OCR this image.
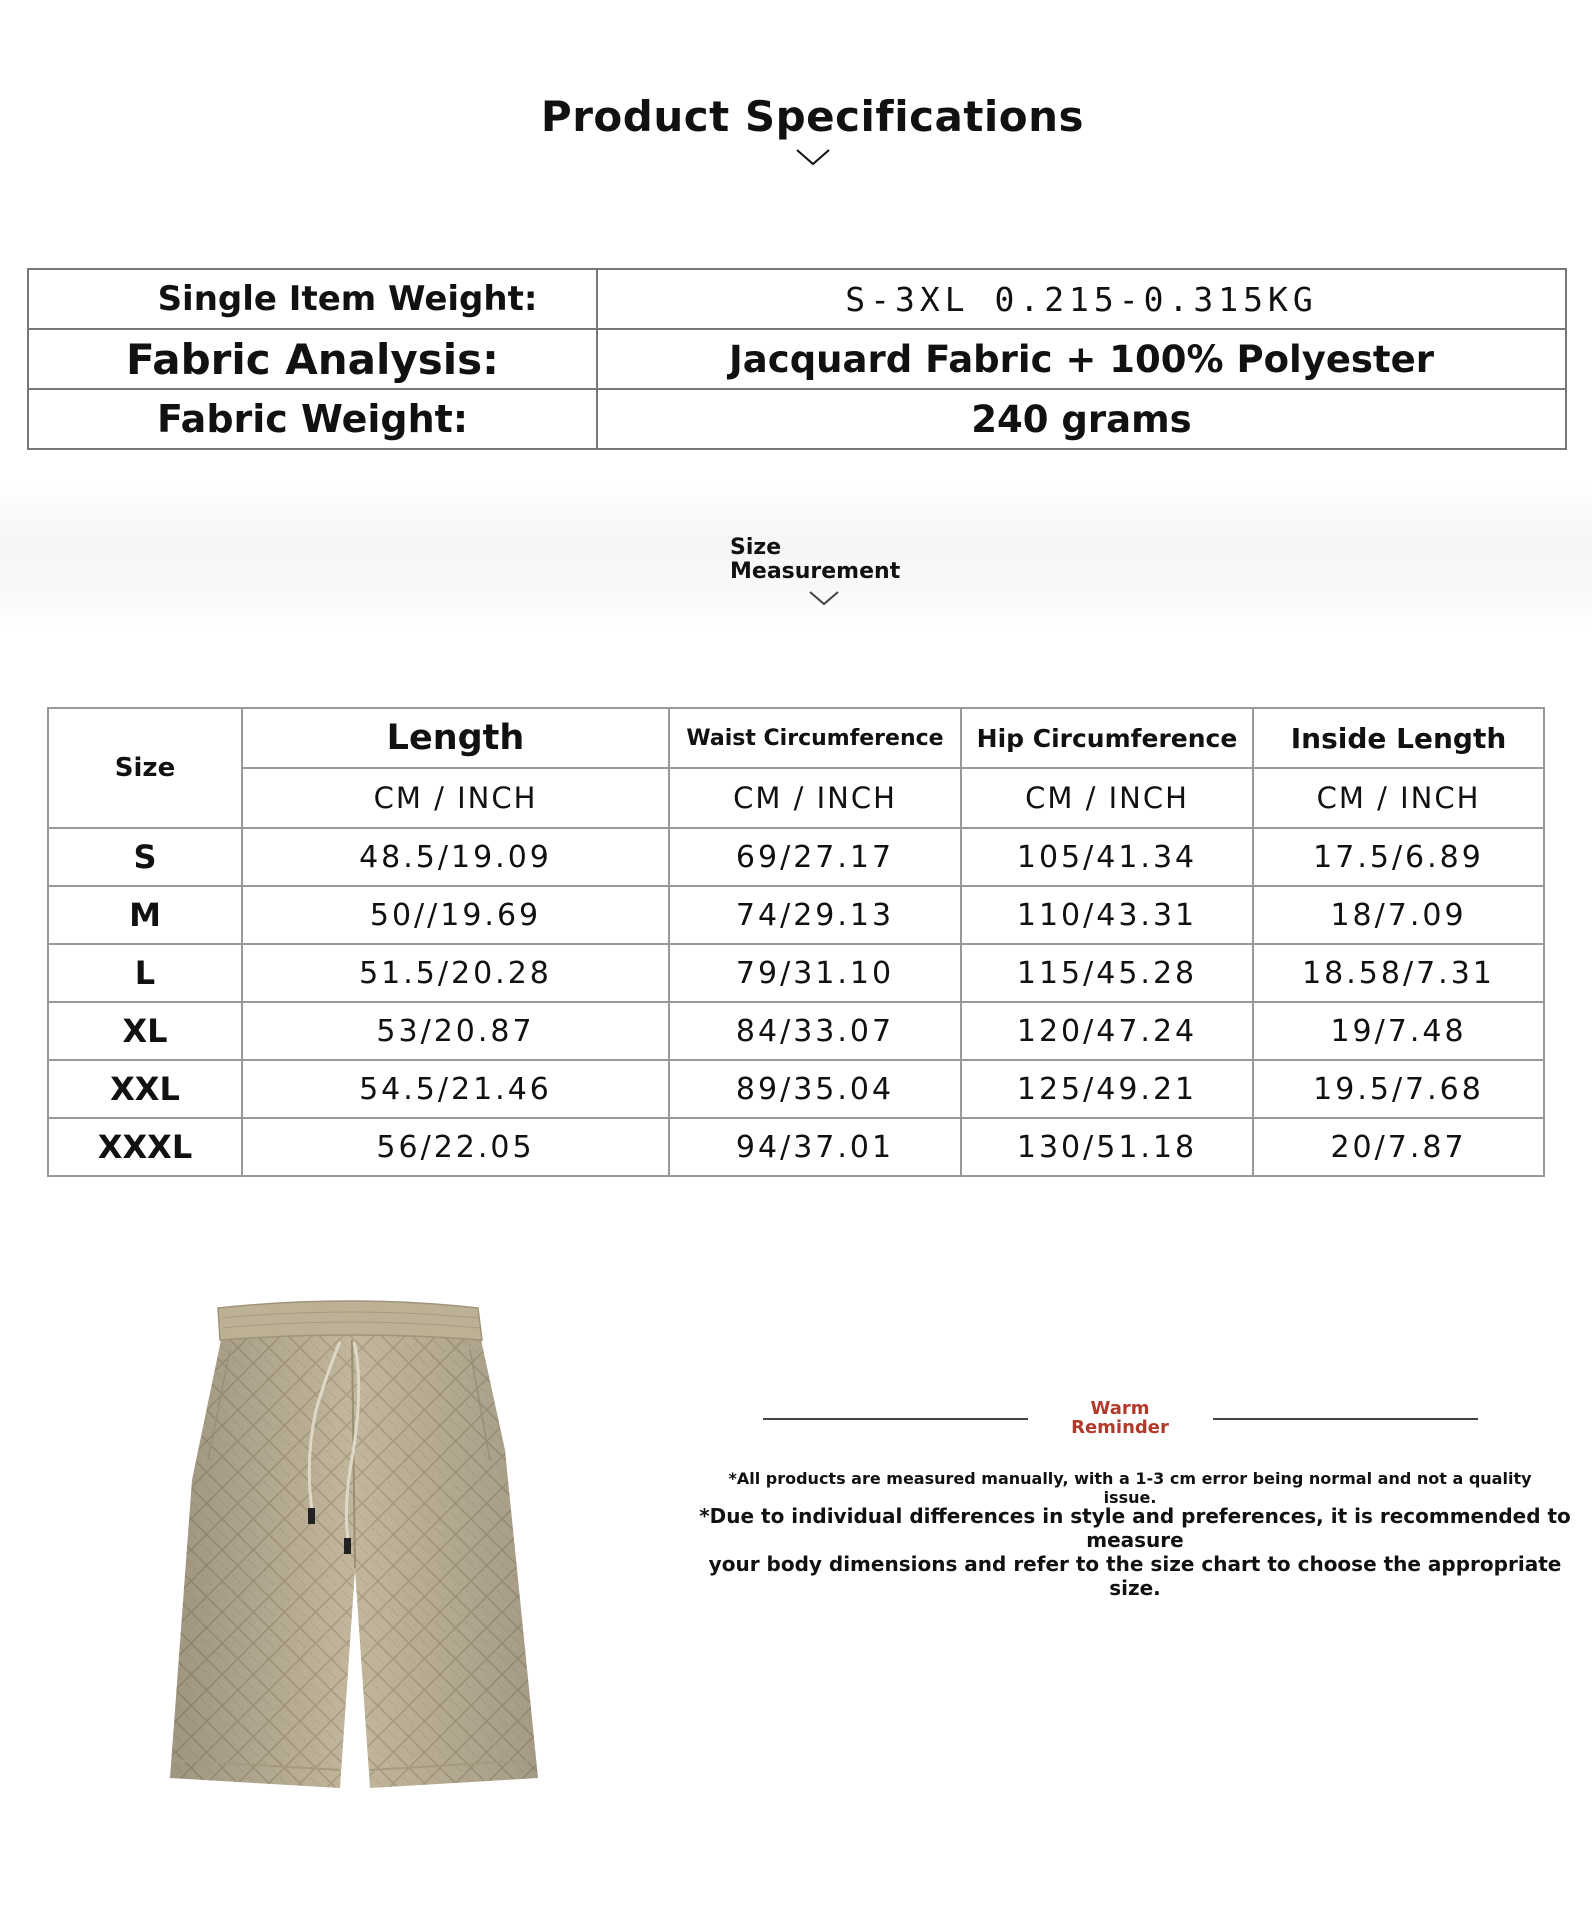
Product Specifications
Single Item Weight:	S-3XL 0.215-0.315KG
Fabric Analysis:	Jacquard Fabric + 100% Polyester
Fabric Weight:	240 grams
Size
Measurement
Size	Length	Waist Circumference	Hip Circumference	Inside Length
	CM / INCH	CM / INCH	CM / INCH	CM / INCH
S	48.5/19.09	69/27.17	105/41.34	17.5/6.89
M	50//19.69	74/29.13	110/43.31	18/7.09
L	51.5/20.28	79/31.10	115/45.28	18.58/7.31
XL	53/20.87	84/33.07	120/47.24	19/7.48
XXL	54.5/21.46	89/35.04	125/49.21	19.5/7.68
XXXL	56/22.05	94/37.01	130/51.18	20/7.87
Warm
Reminder
*All products are measured manually, with a 1-3 cm error being normal and not a quality issue.
*Due to individual differences in style and preferences, it is recommended to measure
your body dimensions and refer to the size chart to choose the appropriate size.
